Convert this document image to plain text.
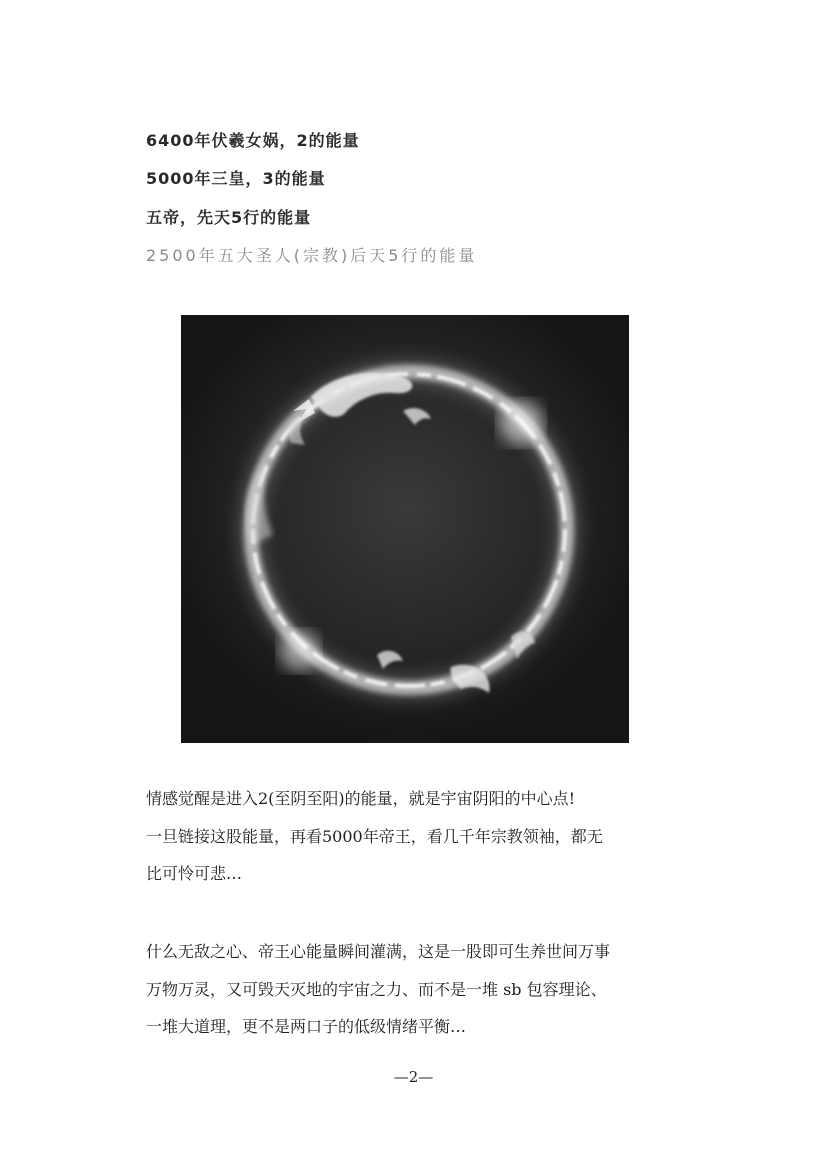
6400年伏羲女娲，2的能量
5000年三皇，3的能量
五帝，先天5行的能量
2500年五大圣人(宗教)后天5行的能量
情感觉醒是进入2(至阴至阳)的能量，就是宇宙阴阳的中心点!
一旦链接这股能量，再看5000年帝王，看几千年宗教领袖，都无
比可怜可悲…
什么无敌之心、帝王心能量瞬间灌满，这是一股即可生养世间万事
万物万灵，又可毁天灭地的宇宙之力、而不是一堆 sb 包容理论、
一堆大道理，更不是两口子的低级情绪平衡…
—2—
